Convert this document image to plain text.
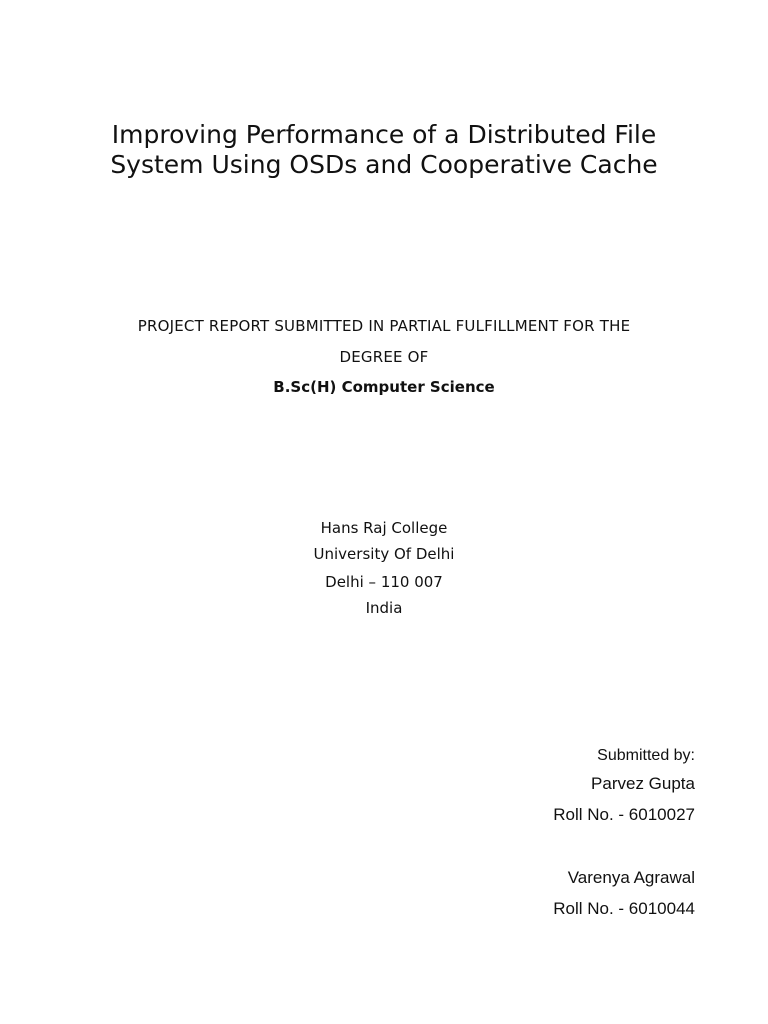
Improving Performance of a Distributed File
System Using OSDs and Cooperative Cache

PROJECT REPORT SUBMITTED IN PARTIAL FULFILLMENT FOR THE

DEGREE OF

B.Sc(H) Computer Science
Hans Raj College
University Of Delhi
Delhi – 110 007
India
Submitted by:
Parvez Gupta
Roll No. - 6010027
Varenya Agrawal
Roll No. - 6010044
